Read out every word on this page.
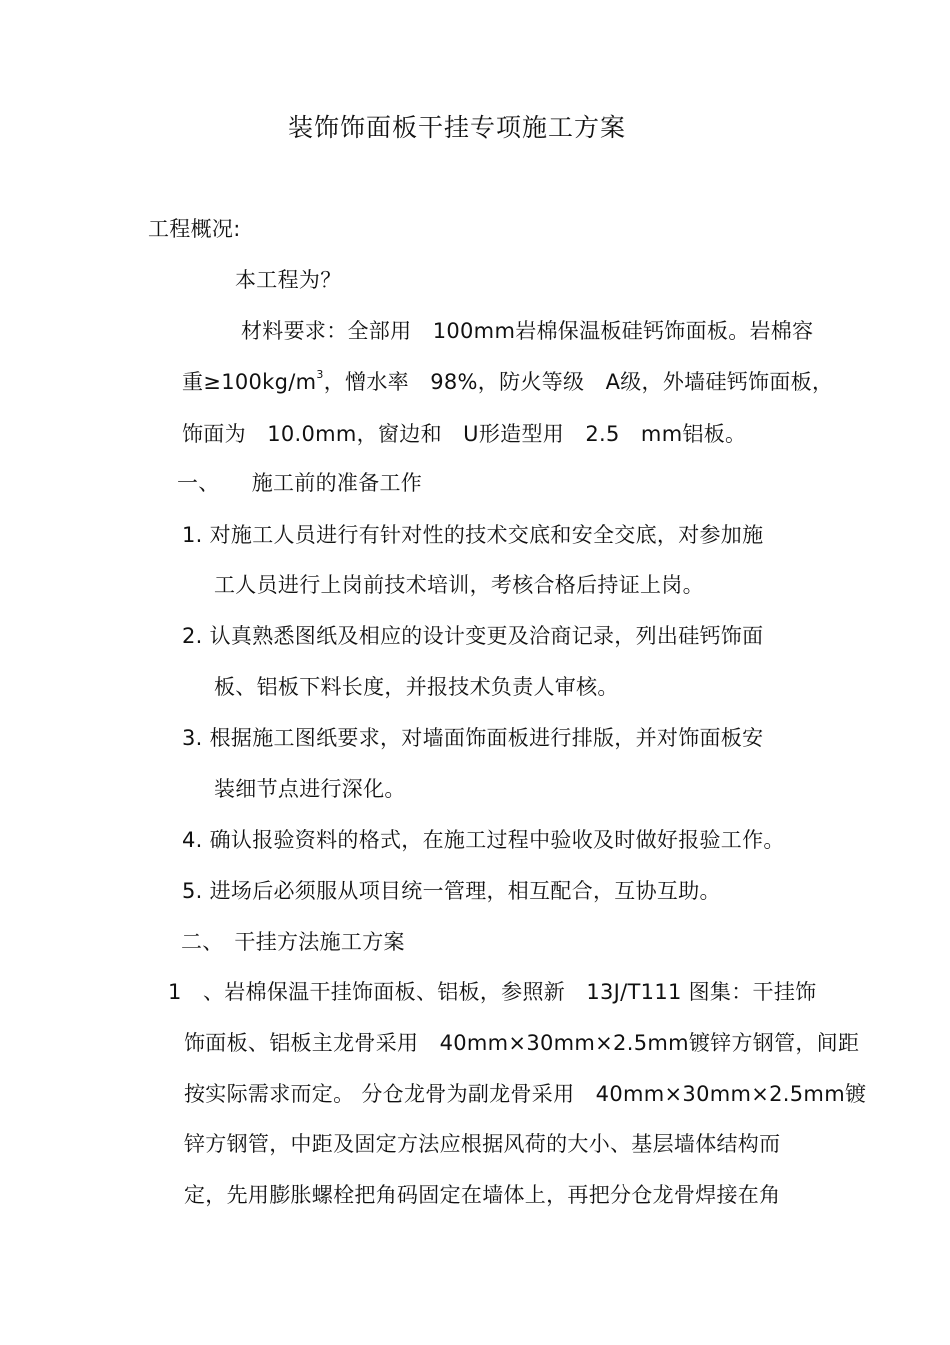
装饰饰面板干挂专项施工方案
工程概况:
本工程为？
材料要求：全部用　100mm岩棉保温板硅钙饰面板。岩棉容
重$\ge 100kg/m^3$，憎水率　98%，防火等级　A级，外墙硅钙饰面板，
饰面为　10.0mm，窗边和　U形造型用　2.5　mm铝板。
一、　　施工前的准备工作
1. 对施工人员进行有针对性的技术交底和安全交底，对参加施
工人员进行上岗前技术培训，考核合格后持证上岗。
2. 认真熟悉图纸及相应的设计变更及洽商记录，列出硅钙饰面
板、铝板下料长度，并报技术负责人审核。
3. 根据施工图纸要求，对墙面饰面板进行排版，并对饰面板安
装细节点进行深化。
4. 确认报验资料的格式，在施工过程中验收及时做好报验工作。
5. 进场后必须服从项目统一管理，相互配合，互协互助。
二、　干挂方法施工方案
1　、岩棉保温干挂饰面板、铝板，参照新　13J/T111 图集：干挂饰
饰面板、铝板主龙骨采用　40mm×30mm×2.5mm镀锌方钢管，间距
按实际需求而定。 分仓龙骨为副龙骨采用　40mm×30mm×2.5mm镀
锌方钢管，中距及固定方法应根据风荷的大小、基层墙体结构而
定，先用膨胀螺栓把角码固定在墙体上，再把分仓龙骨焊接在角
